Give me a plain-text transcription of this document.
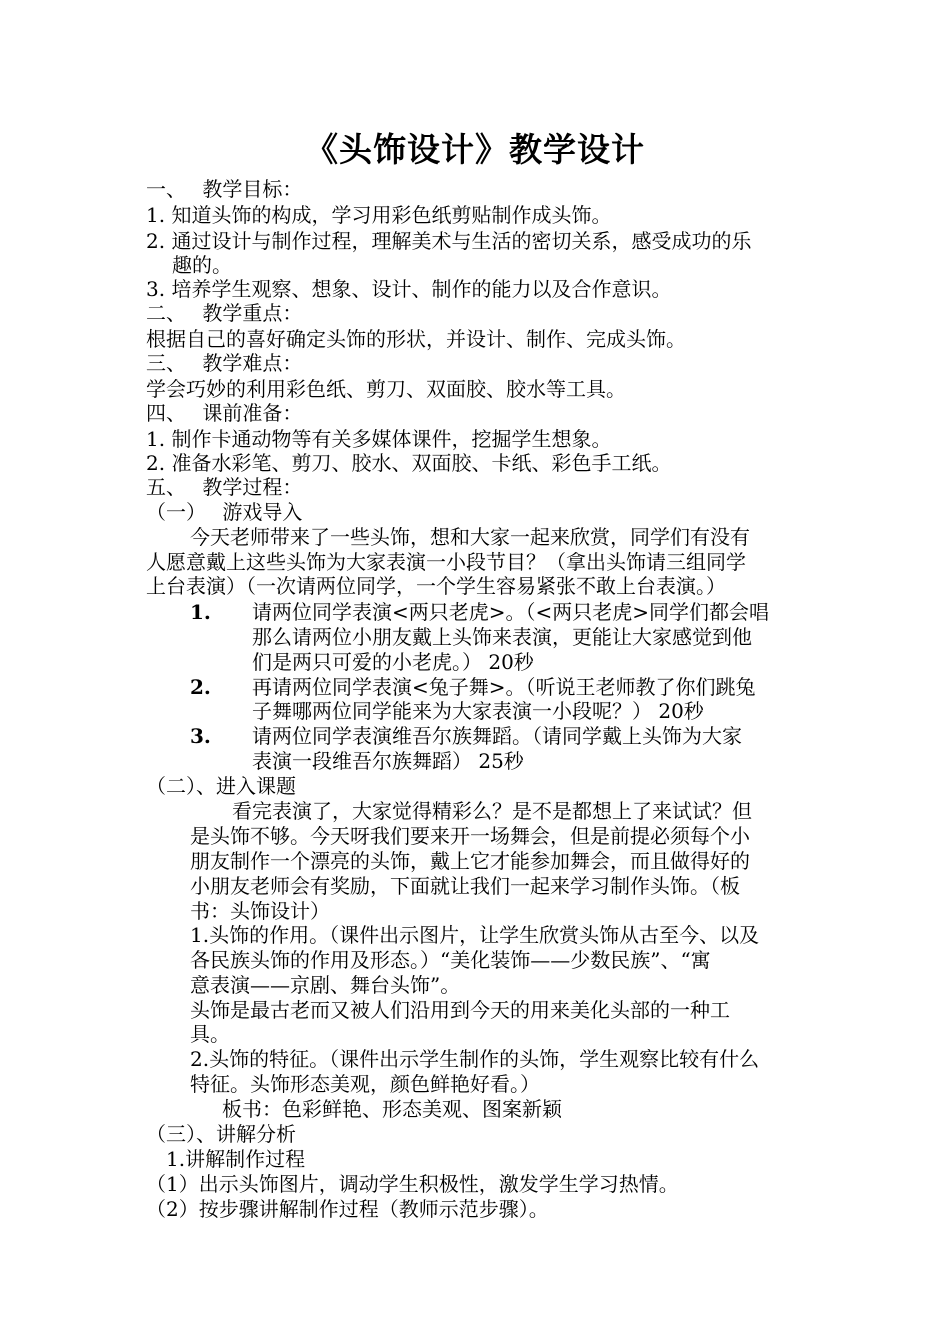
《头饰设计》教学设计
一、　 教学目标：
1. 知道头饰的构成，学习用彩色纸剪贴制作成头饰。
2. 通过设计与制作过程，理解美术与生活的密切关系，感受成功的乐
趣的。
3. 培养学生观察、想象、设计、制作的能力以及合作意识。
二、　 教学重点：
根据自己的喜好确定头饰的形状，并设计、制作、完成头饰。
三、　 教学难点：
学会巧妙的利用彩色纸、剪刀、双面胶、胶水等工具。
四、　 课前准备：
1. 制作卡通动物等有关多媒体课件，挖掘学生想象。
2. 准备水彩笔、剪刀、胶水、双面胶、卡纸、彩色手工纸。
五、　 教学过程：
（一）　 游戏导入
今天老师带来了一些头饰，想和大家一起来欣赏，同学们有没有
人愿意戴上这些头饰为大家表演一小段节目？（拿出头饰请三组同学
上台表演）（一次请两位同学，一个学生容易紧张不敢上台表演。）
1. 请两位同学表演<两只老虎>。（<两只老虎>同学们都会唱
那么请两位小朋友戴上头饰来表演，更能让大家感觉到他
们是两只可爱的小老虎。） 20秒
2. 再请两位同学表演<兔子舞>。（听说王老师教了你们跳兔
子舞哪两位同学能来为大家表演一小段呢？） 20秒
3. 请两位同学表演维吾尔族舞蹈。（请同学戴上头饰为大家
表演一段维吾尔族舞蹈） 25秒
（二）、进入课题
看完表演了，大家觉得精彩么？是不是都想上了来试试？但
是头饰不够。今天呀我们要来开一场舞会，但是前提必须每个小
朋友制作一个漂亮的头饰，戴上它才能参加舞会，而且做得好的
小朋友老师会有奖励，下面就让我们一起来学习制作头饰。（板
书：头饰设计）
1.头饰的作用。（课件出示图片，让学生欣赏头饰从古至今、以及
各民族头饰的作用及形态。）“美化装饰——少数民族”、“寓
意表演——京剧、舞台头饰”。
头饰是最古老而又被人们沿用到今天的用来美化头部的一种工
具。
2.头饰的特征。（课件出示学生制作的头饰，学生观察比较有什么
特征。头饰形态美观，颜色鲜艳好看。）
板书：色彩鲜艳、形态美观、图案新颖
（三）、讲解分析
1.讲解制作过程
（1）出示头饰图片，调动学生积极性，激发学生学习热情。
（2）按步骤讲解制作过程（教师示范步骤）。
